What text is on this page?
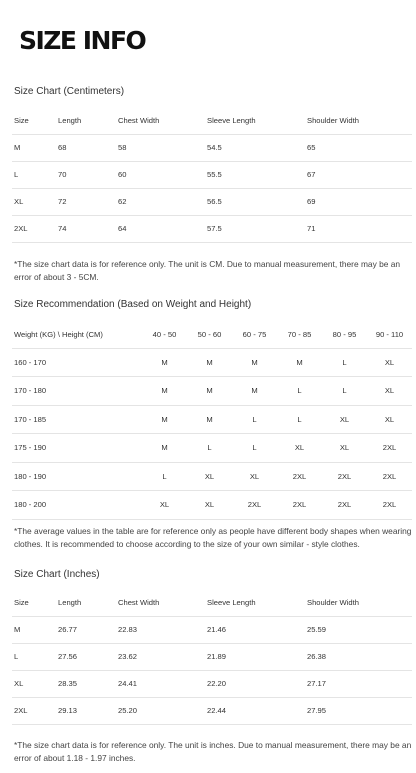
SIZE INFO
Size Chart (Centimeters)
Size	Length	Chest Width	Sleeve Length	Shoulder Width
M	68	58	54.5	65
L	70	60	55.5	67
XL	72	62	56.5	69
2XL	74	64	57.5	71
*The size chart data is for reference only. The unit is CM. Due to manual measurement, there may be an error of about 3 - 5CM.
Size Recommendation (Based on Weight and Height)
Weight (KG) \ Height (CM)	40 - 50	50 - 60	60 - 75	70 - 85	80 - 95	90 - 110
160 - 170	M	M	M	M	L	XL
170 - 180	M	M	M	L	L	XL
170 - 185	M	M	L	L	XL	XL
175 - 190	M	L	L	XL	XL	2XL
180 - 190	L	XL	XL	2XL	2XL	2XL
180 - 200	XL	XL	2XL	2XL	2XL	2XL
*The average values in the table are for reference only as people have different body shapes when wearing clothes. It is recommended to choose according to the size of your own similar - style clothes.
Size Chart (Inches)
Size	Length	Chest Width	Sleeve Length	Shoulder Width
M	26.77	22.83	21.46	25.59
L	27.56	23.62	21.89	26.38
XL	28.35	24.41	22.20	27.17
2XL	29.13	25.20	22.44	27.95
*The size chart data is for reference only. The unit is inches. Due to manual measurement, there may be an error of about 1.18 - 1.97 inches.
